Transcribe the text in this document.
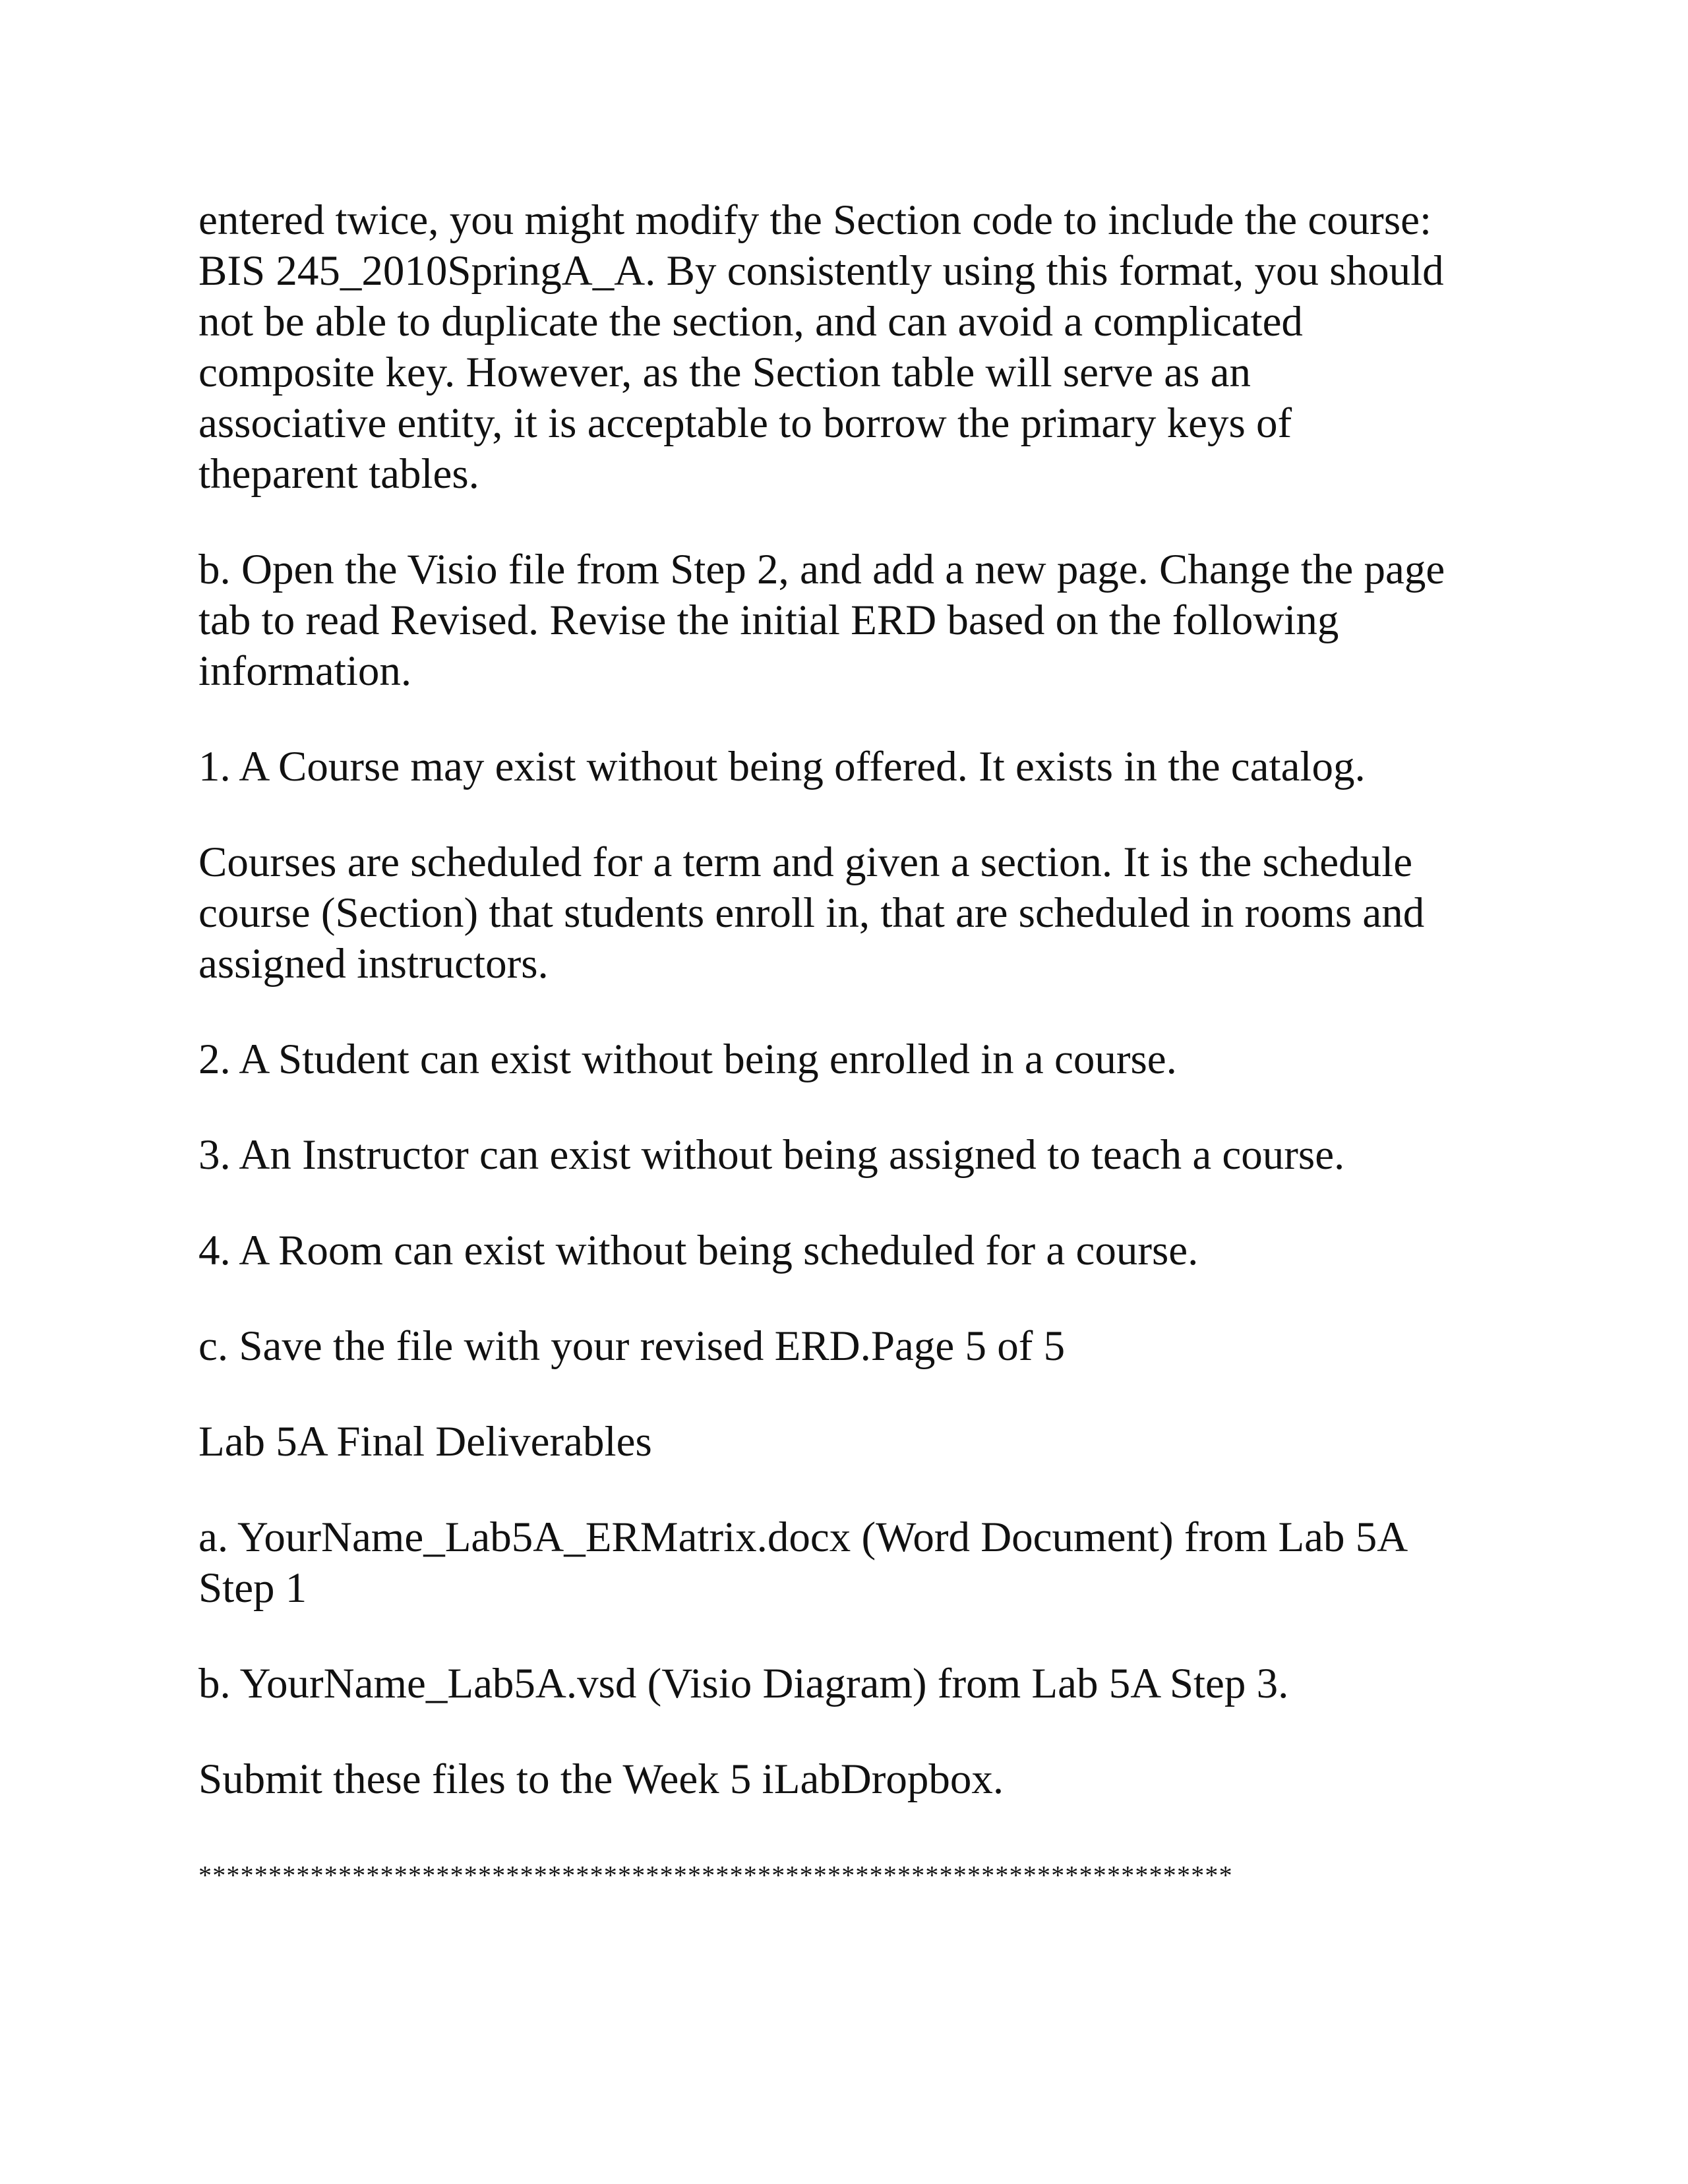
entered twice, you might modify the Section code to include the course:
BIS 245_2010SpringA_A. By consistently using this format, you should
not be able to duplicate the section, and can avoid a complicated
composite key. However, as the Section table will serve as an
associative entity, it is acceptable to borrow the primary keys of
theparent tables.

b. Open the Visio file from Step 2, and add a new page. Change the page
tab to read Revised. Revise the initial ERD based on the following
information.

1. A Course may exist without being offered. It exists in the catalog.

Courses are scheduled for a term and given a section. It is the schedule
course (Section) that students enroll in, that are scheduled in rooms and
assigned instructors.

2. A Student can exist without being enrolled in a course.

3. An Instructor can exist without being assigned to teach a course.

4. A Room can exist without being scheduled for a course.

c. Save the file with your revised ERD.Page 5 of 5

Lab 5A Final Deliverables

a. YourName_Lab5A_ERMatrix.docx (Word Document) from Lab 5A
Step 1

b. YourName_Lab5A.vsd (Visio Diagram) from Lab 5A Step 3.

Submit these files to the Week 5 iLabDropbox.

**************************************************************************
